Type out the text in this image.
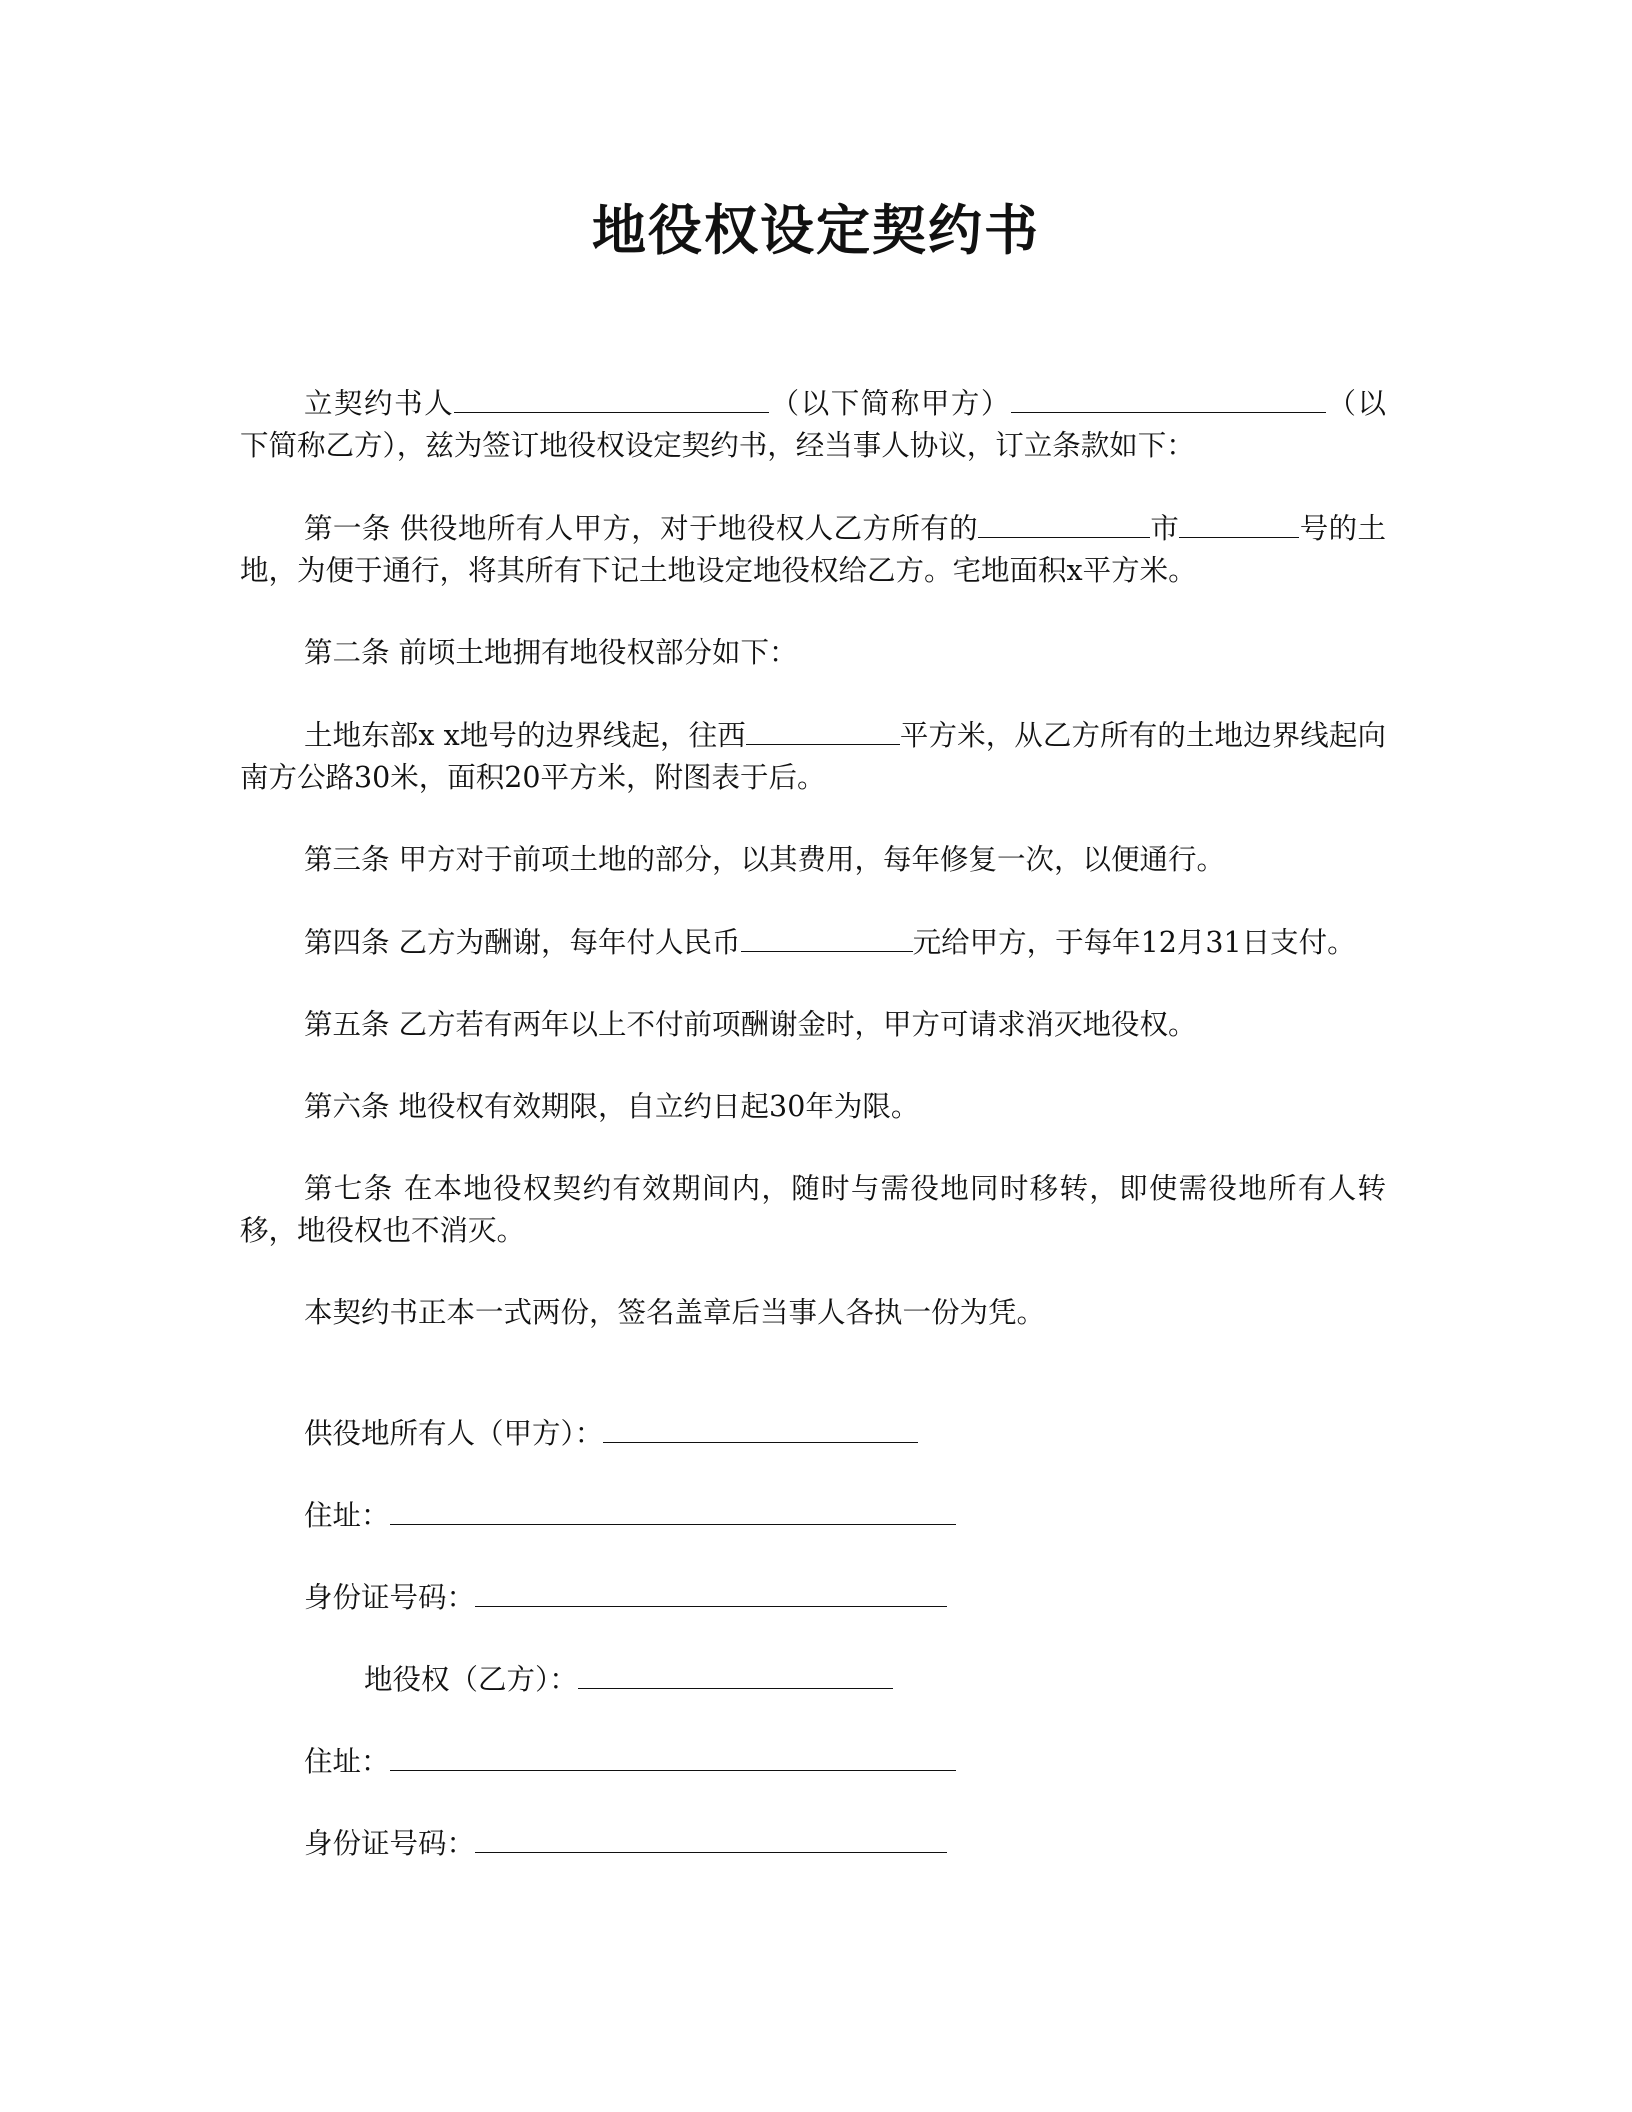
地役权设定契约书

立契约书人	（以下简称甲方）	（以下简称乙方），兹为签订地役权设定契约书，经当事人协议，订立条款如下：

第一条 供役地所有人甲方，对于地役权人乙方所有的	市	号的土地，为便于通行，将其所有下记土地设定地役权给乙方。宅地面积x平方米。

第二条 前顷土地拥有地役权部分如下：

土地东部x x地号的边界线起，往西	平方米，从乙方所有的土地边界线起向南方公路30米，面积20平方米，附图表于后。

第三条 甲方对于前项土地的部分，以其费用，每年修复一次，以便通行。

第四条 乙方为酬谢，每年付人民币	元给甲方，于每年12月31日支付。

第五条 乙方若有两年以上不付前项酬谢金时，甲方可请求消灭地役权。

第六条 地役权有效期限，自立约日起30年为限。

第七条 在本地役权契约有效期间内，随时与需役地同时移转，即使需役地所有人转移，地役权也不消灭。

本契约书正本一式两份，签名盖章后当事人各执一份为凭。

供役地所有人（甲方）：
住址：
身份证号码：
地役权（乙方）：
住址：
身份证号码：
